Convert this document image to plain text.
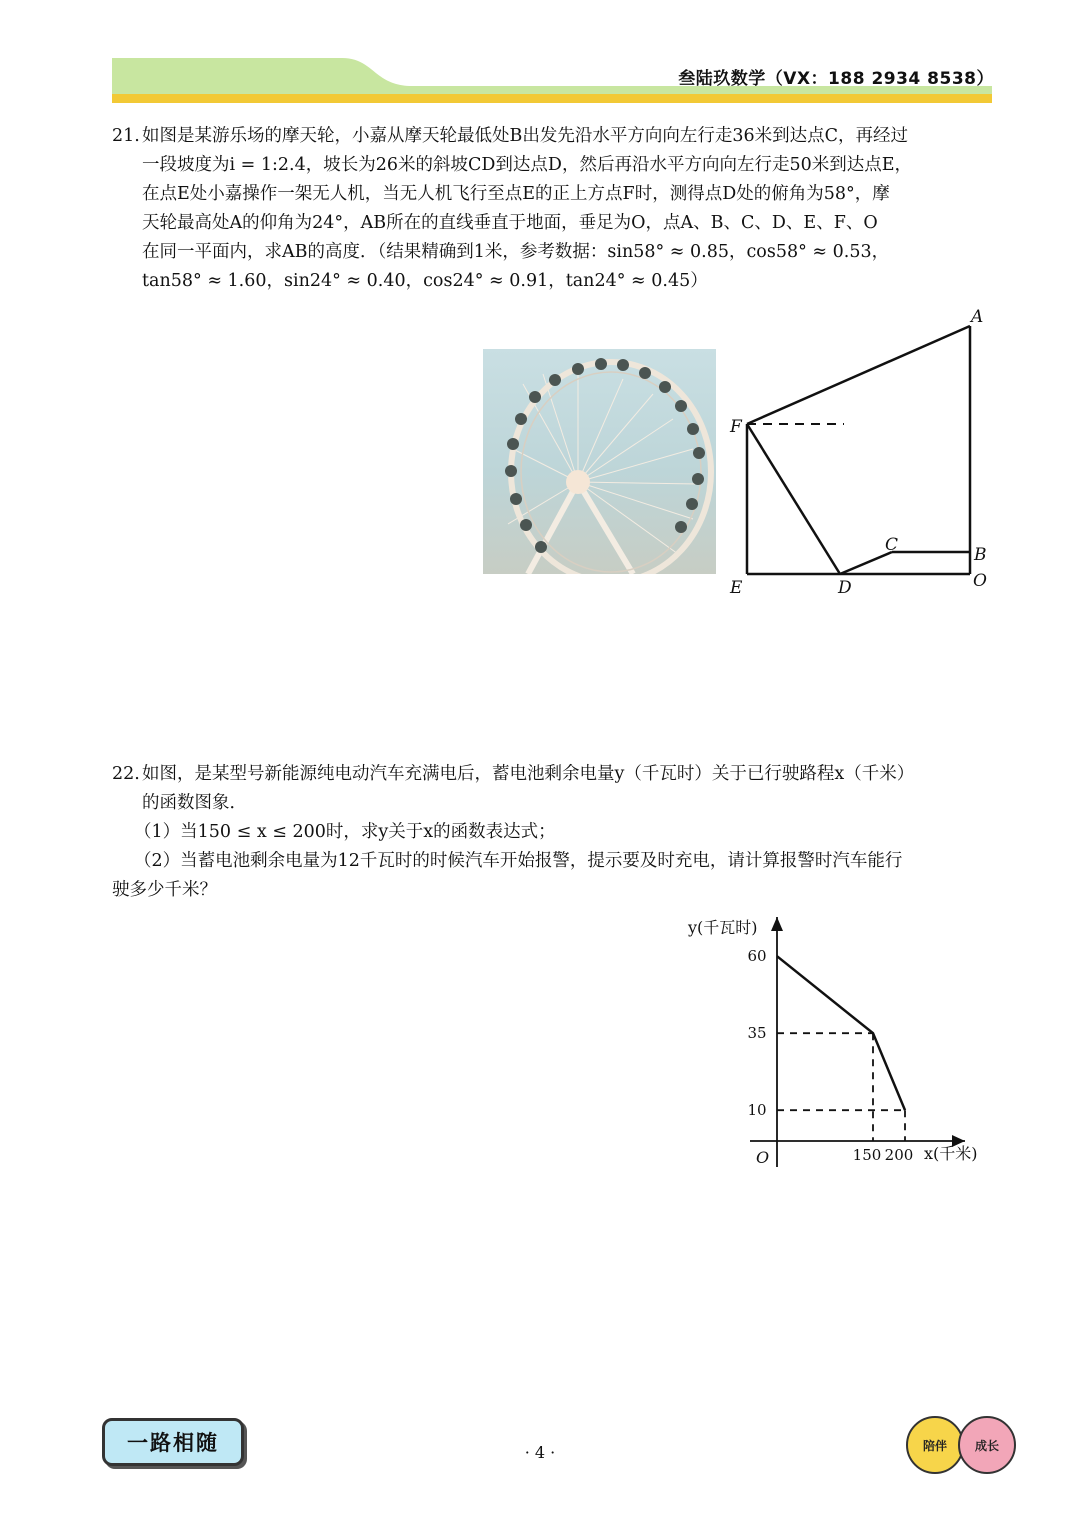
叁陆玖数学（VX：188 2934 8538）

21. 如图是某游乐场的摩天轮，小嘉从摩天轮最低处B出发先沿水平方向向左行走36米到达点C，再经过

一段坡度为i = 1:2.4，坡长为26米的斜坡CD到达点D，然后再沿水平方向向左行走50米到达点E，

在点E处小嘉操作一架无人机，当无人机飞行至点E的正上方点F时，测得点D处的俯角为58°，摩

天轮最高处A的仰角为24°，AB所在的直线垂直于地面，垂足为O，点A、B、C、D、E、F、O

在同一平面内，求AB的高度．（结果精确到1米，参考数据：sin58° ≈ 0.85，cos58° ≈ 0.53，

tan58° ≈ 1.60，sin24° ≈ 0.40，cos24° ≈ 0.91，tan24° ≈ 0.45）

A
F
C	B
E	D	O

22. 如图，是某型号新能源纯电动汽车充满电后，蓄电池剩余电量y（千瓦时）关于已行驶路程x（千米）

的函数图象．

（1）当150 ≤ x ≤ 200时，求y关于x的函数表达式；

（2）当蓄电池剩余电量为12千瓦时的时候汽车开始报警，提示要及时充电，请计算报警时汽车能行

驶多少千米？

60
35
10
150 200
y(千瓦时)
x(千米)
O
一路相随	· 4 ·	陪伴	成长
